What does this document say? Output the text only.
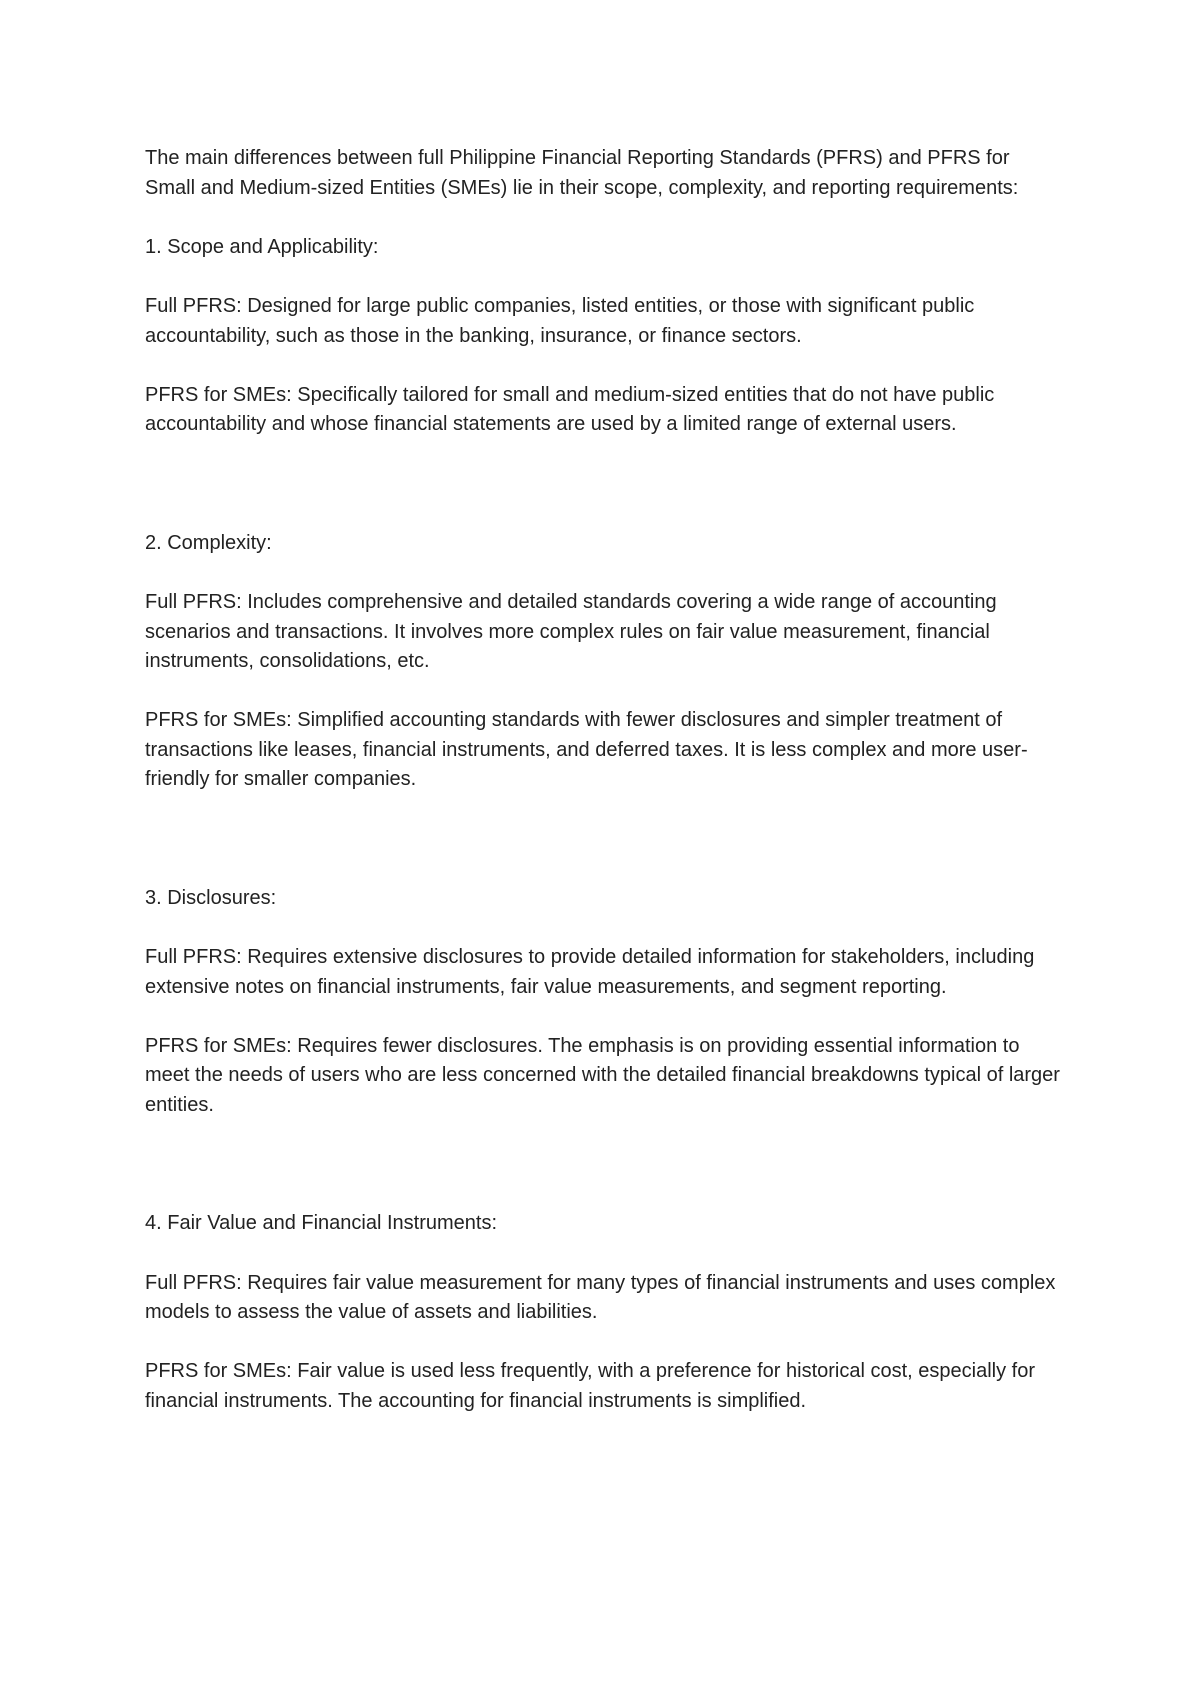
The main differences between full Philippine Financial Reporting Standards (PFRS) and PFRS for Small and Medium-sized Entities (SMEs) lie in their scope, complexity, and reporting requirements:

1. Scope and Applicability:

Full PFRS: Designed for large public companies, listed entities, or those with significant public accountability, such as those in the banking, insurance, or finance sectors.

PFRS for SMEs: Specifically tailored for small and medium-sized entities that do not have public accountability and whose financial statements are used by a limited range of external users.

2. Complexity:

Full PFRS: Includes comprehensive and detailed standards covering a wide range of accounting scenarios and transactions. It involves more complex rules on fair value measurement, financial instruments, consolidations, etc.

PFRS for SMEs: Simplified accounting standards with fewer disclosures and simpler treatment of transactions like leases, financial instruments, and deferred taxes. It is less complex and more user-friendly for smaller companies.

3. Disclosures:

Full PFRS: Requires extensive disclosures to provide detailed information for stakeholders, including extensive notes on financial instruments, fair value measurements, and segment reporting.

PFRS for SMEs: Requires fewer disclosures. The emphasis is on providing essential information to meet the needs of users who are less concerned with the detailed financial breakdowns typical of larger entities.

4. Fair Value and Financial Instruments:

Full PFRS: Requires fair value measurement for many types of financial instruments and uses complex models to assess the value of assets and liabilities.

PFRS for SMEs: Fair value is used less frequently, with a preference for historical cost, especially for financial instruments. The accounting for financial instruments is simplified.
